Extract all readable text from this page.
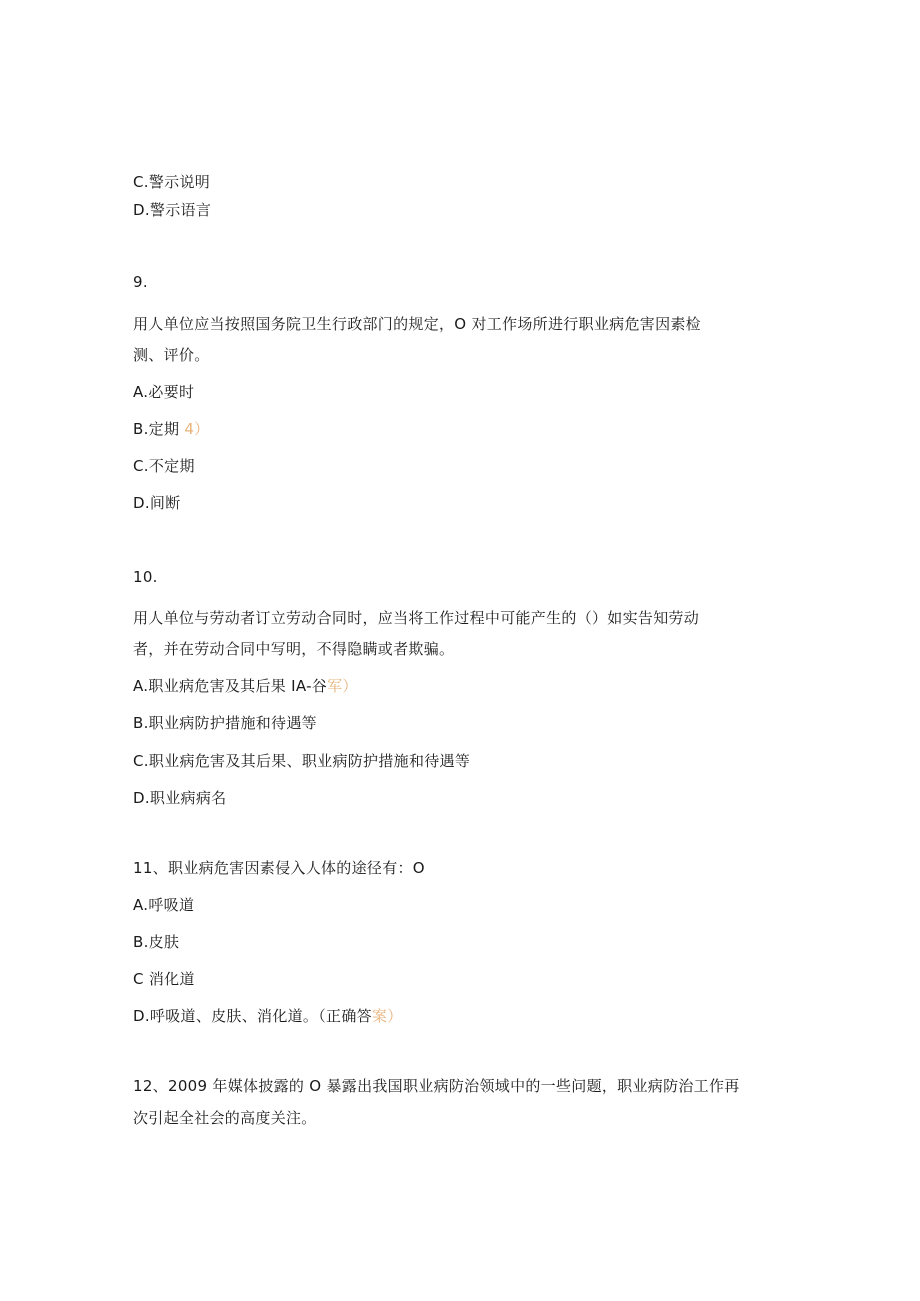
C.警示说明
D.警示语言
9.
用人单位应当按照国务院卫生行政部门的规定，O 对工作场所进行职业病危害因素检
测、评价。
A.必要时
B.定期 4）
C.不定期
D.间断
10.
用人单位与劳动者订立劳动合同时，应当将工作过程中可能产生的（）如实告知劳动
者，并在劳动合同中写明，不得隐瞒或者欺骗。
A.职业病危害及其后果 IA-谷军）
B.职业病防护措施和待遇等
C.职业病危害及其后果、职业病防护措施和待遇等
D.职业病病名
11、职业病危害因素侵入人体的途径有：O
A.呼吸道
B.皮肤
C 消化道
D.呼吸道、皮肤、消化道。（正确答案）
12、2009 年媒体披露的 O 暴露出我国职业病防治领域中的一些问题，职业病防治工作再
次引起全社会的高度关注。
